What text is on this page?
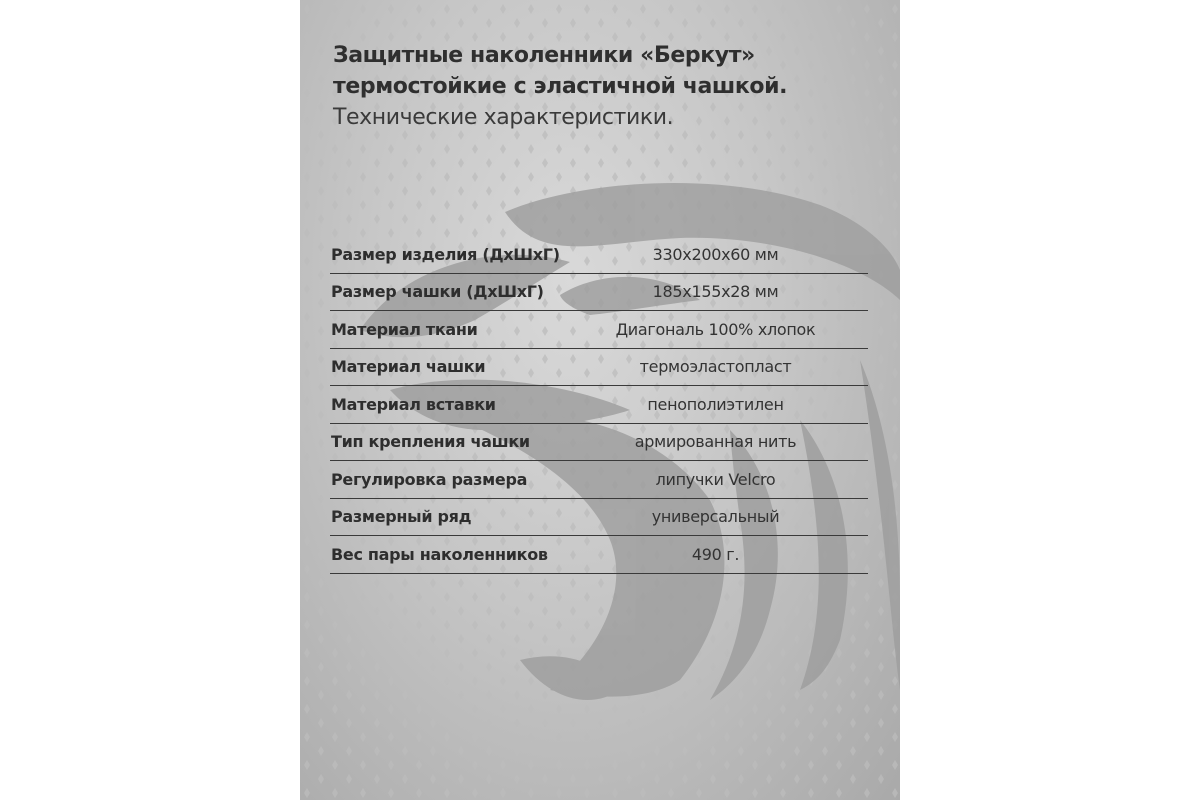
Защитные наколенники «Беркут»
термостойкие с эластичной чашкой.
Технические характеристики.
Размер изделия (ДхШхГ)	330x200x60 мм
Размер чашки (ДхШхГ)	185x155x28 мм
Материал ткани	Диагональ 100% хлопок
Материал чашки	термоэластопласт
Материал вставки	пенополиэтилен
Тип крепления чашки	армированная нить
Регулировка размера	липучки Velcro
Размерный ряд	универсальный
Вес пары наколенников	490 г.
